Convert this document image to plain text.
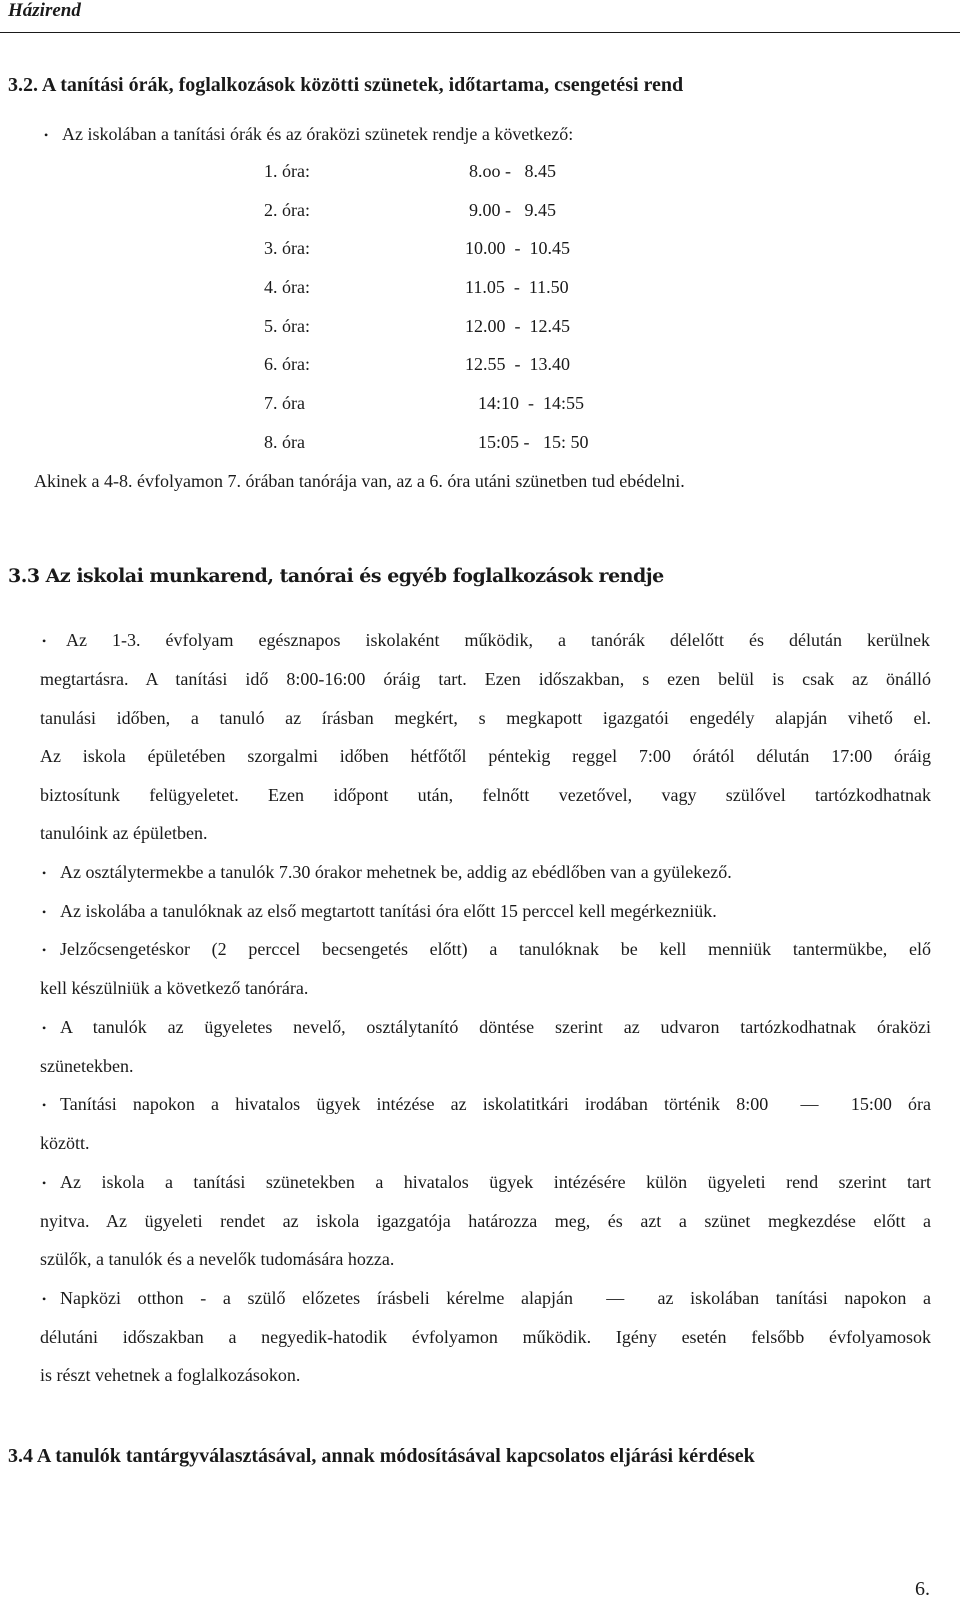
Házirend
3.2. A tanítási órák, foglalkozások közötti szünetek, időtartama, csengetési rend
• Az iskolában a tanítási órák és az óraközi szünetek rendje a következő:
1. óra:	8.oo -   8.45
2. óra:	9.00 -   9.45
3. óra:	10.00  -  10.45
4. óra:	11.05  -  11.50
5. óra:	12.00  -  12.45
6. óra:	12.55  -  13.40
7. óra	14:10  -  14:55
8. óra	15:05 -   15: 50
Akinek a 4-8. évfolyamon 7. órában tanórája van, az a 6. óra utáni szünetben tud ebédelni.
3.3 Az iskolai munkarend, tanórai és egyéb foglalkozások rendje
• Az 1-3. évfolyam egésznapos iskolaként működik, a tanórák délelőtt és délután kerülnek
megtartásra. A tanítási idő 8:00-16:00 óráig tart. Ezen időszakban, s ezen belül is csak az önálló
tanulási időben, a tanuló az írásban megkért, s megkapott igazgatói engedély alapján vihető el.
Az iskola épületében szorgalmi időben hétfőtől péntekig reggel 7:00 órától délután 17:00 óráig
biztosítunk felügyeletet. Ezen időpont után, felnőtt vezetővel, vagy szülővel tartózkodhatnak
tanulóink az épületben.
• Az osztálytermekbe a tanulók 7.30 órakor mehetnek be, addig az ebédlőben van a gyülekező.
• Az iskolába a tanulóknak az első megtartott tanítási óra előtt 15 perccel kell megérkezniük.
• Jelzőcsengetéskor (2 perccel becsengetés előtt) a tanulóknak be kell menniük tantermükbe, elő
kell készülniük a következő tanórára.
• A tanulók az ügyeletes nevelő, osztálytanító döntése szerint az udvaron tartózkodhatnak óraközi
szünetekben.
• Tanítási napokon a hivatalos ügyek intézése az iskolatitkári irodában történik 8:00  —  15:00 óra
között.
• Az iskola a tanítási szünetekben a hivatalos ügyek intézésére külön ügyeleti rend szerint tart
nyitva. Az ügyeleti rendet az iskola igazgatója határozza meg, és azt a szünet megkezdése előtt a
szülők, a tanulók és a nevelők tudomására hozza.
• Napközi otthon - a szülő előzetes írásbeli kérelme alapján  —  az iskolában tanítási napokon a
délutáni időszakban a negyedik-hatodik évfolyamon működik. Igény esetén felsőbb évfolyamosok
is részt vehetnek a foglalkozásokon.
3.4 A tanulók tantárgyválasztásával, annak módosításával kapcsolatos eljárási kérdések
6.
